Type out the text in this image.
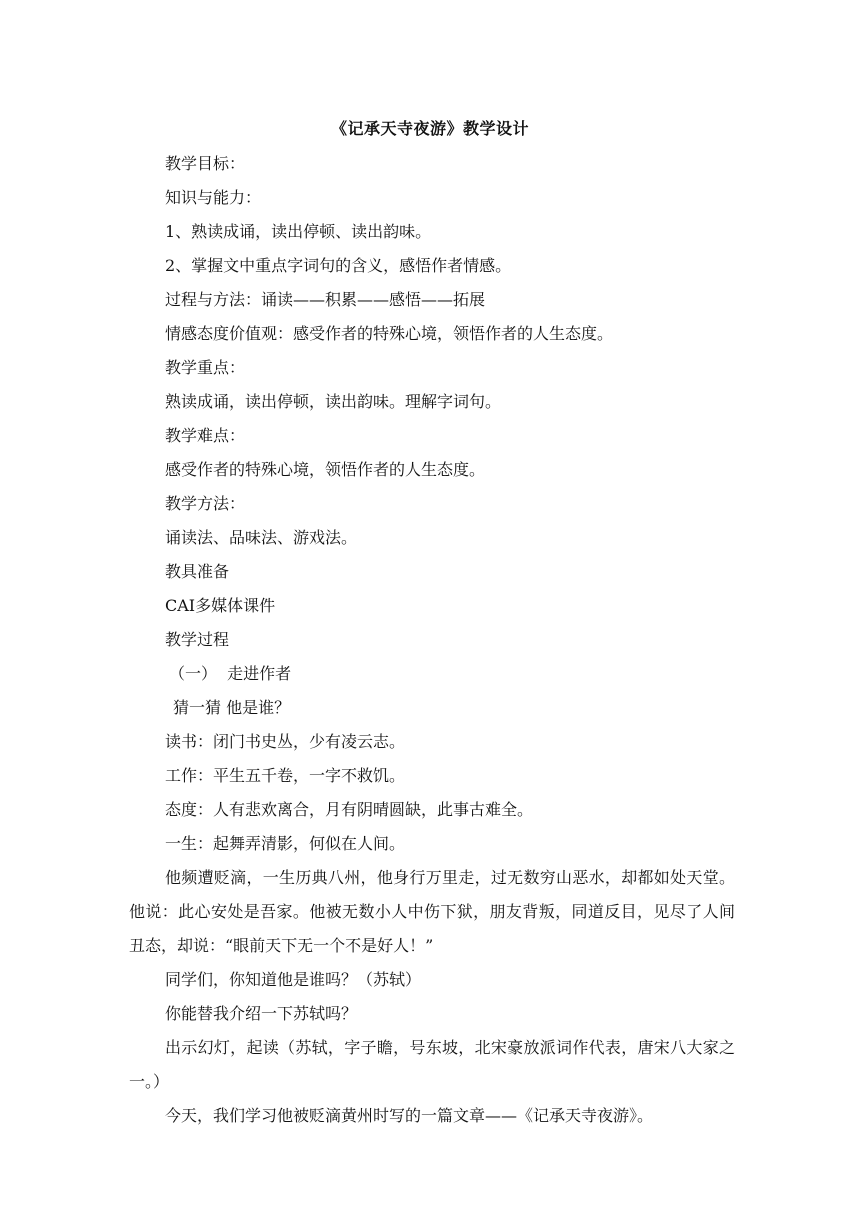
《记承天寺夜游》教学设计

教学目标：

知识与能力：

1、熟读成诵，读出停顿、读出韵味。

2、掌握文中重点字词句的含义，感悟作者情感。

过程与方法：诵读——积累——感悟——拓展

情感态度价值观：感受作者的特殊心境，领悟作者的人生态度。

教学重点：

熟读成诵，读出停顿，读出韵味。理解字词句。

教学难点：

感受作者的特殊心境，领悟作者的人生态度。

教学方法：

诵读法、品味法、游戏法。

教具准备

CAI多媒体课件

教学过程

（一）  走进作者

猜一猜 他是谁？

读书：闭门书史丛，少有凌云志。

工作：平生五千卷，一字不救饥。

态度：人有悲欢离合，月有阴晴圆缺，此事古难全。

一生：起舞弄清影，何似在人间。

他频遭贬滴，一生历典八州，他身行万里走，过无数穷山恶水，却都如处天堂。他说：此心安处是吾家。他被无数小人中伤下狱，朋友背叛，同道反目，见尽了人间丑态，却说：“眼前天下无一个不是好人！”

同学们，你知道他是谁吗？（苏轼）

你能替我介绍一下苏轼吗？

出示幻灯，起读（苏轼，字子瞻，号东坡，北宋豪放派词作代表，唐宋八大家之一。）

今天，我们学习他被贬滴黄州时写的一篇文章——《记承天寺夜游》。
